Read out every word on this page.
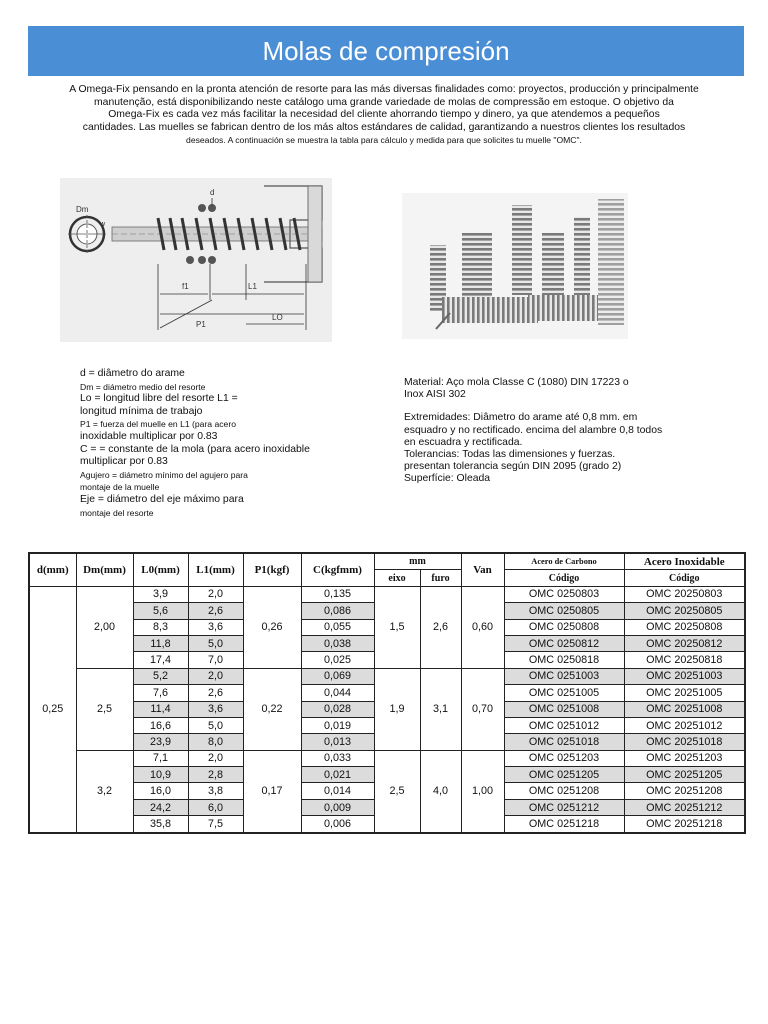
Molas de compresión
A Omega-Fix pensando en la pronta atención de resorte para las más diversas finalidades como: proyectos, producción y principalmente
manutenção, está disponibilizando neste catálogo uma grande variedade de molas de compressão em estoque. O objetivo da
Omega-Fix es cada vez más facilitar la necesidad del cliente ahorrando tiempo y dinero, ya que atendemos a pequeños
cantidades. Las muelles se fabrican dentro de los más altos estándares de calidad, garantizando a nuestros clientes los resultados
deseados. A continuación se muestra la tabla para cálculo y medida para que solicites tu muelle "OMC".
Dm
w
d
f1	L1
P1
LO
d = diâmetro do arame
Dm = diámetro medio del resorte
Lo = longitud libre del resorte L1 =
longitud mínima de trabajo
P1 = fuerza del muelle en L1 (para acero
inoxidable multiplicar por 0.83
C = = constante de la mola (para acero inoxidable
multiplicar por 0.83
Agujero = diámetro mínimo del agujero para
montaje de la muelle
Eje = diámetro del eje máximo para
montaje del resorte

Material: Aço mola Classe C (1080) DIN 17223 o

Inox AISI 302

Extremidades: Diâmetro do arame até 0,8 mm. em

esquadro y no rectificado. encima del alambre 0,8 todos

en escuadra y rectificada.

Tolerancias: Todas las dimensiones y fuerzas.

presentan tolerancia según DIN 2095 (grado 2)

Superfície: Oleada

d(mm)	Dm(mm)	L0(mm)	L1(mm)	P1(kgf)	C(kgfmm)	mm		Van	Acero de Carbono	Acero Inoxidable
						eixo	furo		Código	Código
0,25	2,00	3,9	2,0	0,26	0,135	1,5	2,6	0,60	OMC 0250803	OMC 20250803
		5,6	2,6		0,086				OMC 0250805	OMC 20250805
		8,3	3,6		0,055				OMC 0250808	OMC 20250808
		11,8	5,0		0,038				OMC 0250812	OMC 20250812
		17,4	7,0		0,025				OMC 0250818	OMC 20250818
	2,5	5,2	2,0	0,22	0,069	1,9	3,1	0,70	OMC 0251003	OMC 20251003
		7,6	2,6		0,044				OMC 0251005	OMC 20251005
		11,4	3,6		0,028				OMC 0251008	OMC 20251008
		16,6	5,0		0,019				OMC 0251012	OMC 20251012
		23,9	8,0		0,013				OMC 0251018	OMC 20251018
	3,2	7,1	2,0	0,17	0,033	2,5	4,0	1,00	OMC 0251203	OMC 20251203
		10,9	2,8		0,021				OMC 0251205	OMC 20251205
		16,0	3,8		0,014				OMC 0251208	OMC 20251208
		24,2	6,0		0,009				OMC 0251212	OMC 20251212
		35,8	7,5		0,006				OMC 0251218	OMC 20251218
